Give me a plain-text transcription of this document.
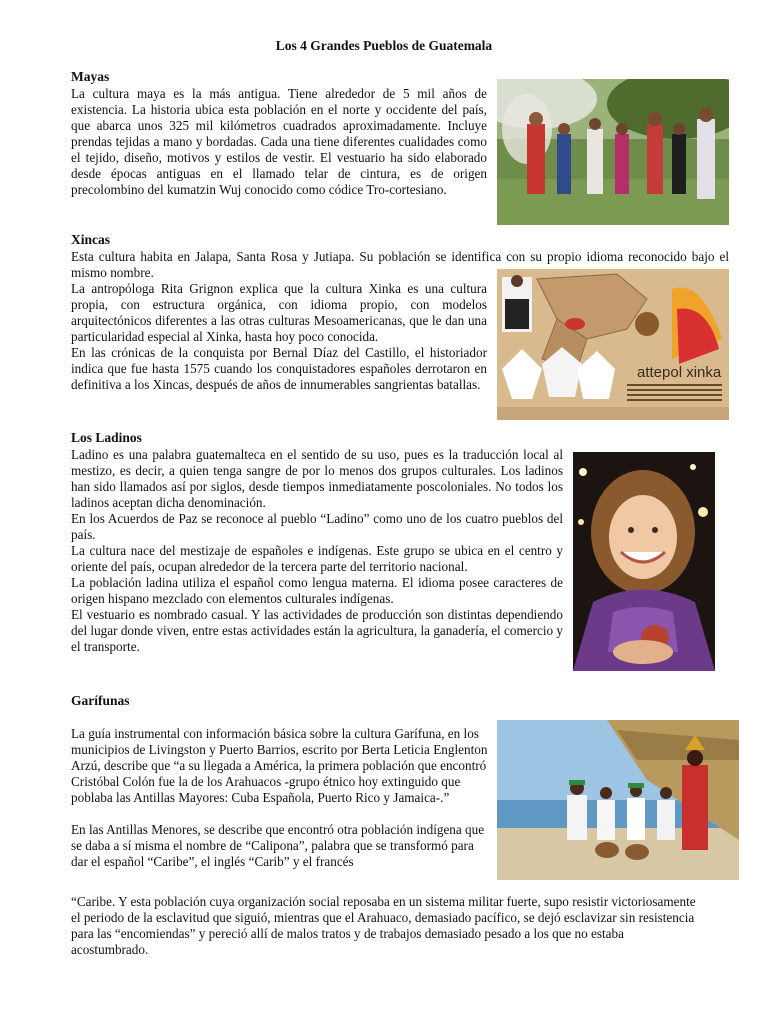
Los 4 Grandes Pueblos de Guatemala
Mayas

La cultura maya es la más antigua. Tiene alrededor de 5 mil años de existencia. La historia ubica esta población en el norte y occidente del país, que abarca unos 325 mil kilómetros cuadrados aproximadamente. Incluye prendas tejidas a mano y bordadas. Cada una tiene diferentes cualidades como el tejido, diseño, motivos y estilos de vestir. El vestuario ha sido elaborado desde épocas antiguas en el llamado telar de cintura, es de origen precolombino del kumatzin Wuj conocido como códice Tro-cortesiano.

Xincas

Esta cultura habita en Jalapa, Santa Rosa y Jutiapa. Su población se identifica con su propio idioma reconocido bajo el mismo nombre.

La antropóloga Rita Grignon explica que la cultura Xinka es una cultura propia, con estructura orgánica, con idioma propio, con modelos arquitectónicos diferentes a las otras culturas Mesoamericanas, que le dan una particularidad especial al Xinka, hasta hoy poco conocida.

En las crónicas de la conquista por Bernal Díaz del Castillo, el historiador indica que fue hasta 1575 cuando los conquistadores españoles derrotaron en definitiva a los Xincas, después de años de innumerables sangrientas batallas.

attepol xinka
Los Ladinos

Ladino es una palabra guatemalteca en el sentido de su uso, pues es la traducción local al mestizo, es decir, a quien tenga sangre de por lo menos dos grupos culturales. Los ladinos han sido llamados así por siglos, desde tiempos inmediatamente poscoloniales. No todos los ladinos aceptan dicha denominación.

En los Acuerdos de Paz se reconoce al pueblo “Ladino” como uno de los cuatro pueblos del país.

La cultura nace del mestizaje de españoles e indígenas. Este grupo se ubica en el centro y oriente del país, ocupan alrededor de la tercera parte del territorio nacional.

La población ladina utiliza el español como lengua materna. El idioma posee caracteres de origen hispano mezclado con elementos culturales indígenas.

El vestuario es nombrado casual. Y las actividades de producción son distintas dependiendo del lugar donde viven, entre estas actividades están la agricultura, la ganadería, el comercio y el transporte.

Garífunas

La guía instrumental con información básica sobre la cultura Garífuna, en los municipios de Livingston y Puerto Barrios, escrito por Berta Leticia Englenton Arzú, describe que “a su llegada a América, la primera población que encontró Cristóbal Colón fue la de los Arahuacos -grupo étnico hoy extinguido que poblaba las Antillas Mayores: Cuba Española, Puerto Rico y Jamaica-.”

En las Antillas Menores, se describe que encontró otra población indígena que se daba a sí misma el nombre de “Calipona”, palabra que se transformó para dar el español “Caribe”, el inglés “Carib” y el francés

“Caribe. Y esta población cuya organización social reposaba en un sistema militar fuerte, supo resistir victoriosamente el periodo de la esclavitud que siguió, mientras que el Arahuaco, demasiado pacífico, se dejó esclavizar sin resistencia para las “encomiendas” y pereció allí de malos tratos y de trabajos demasiado pesado a los que no estaba acostumbrado.
